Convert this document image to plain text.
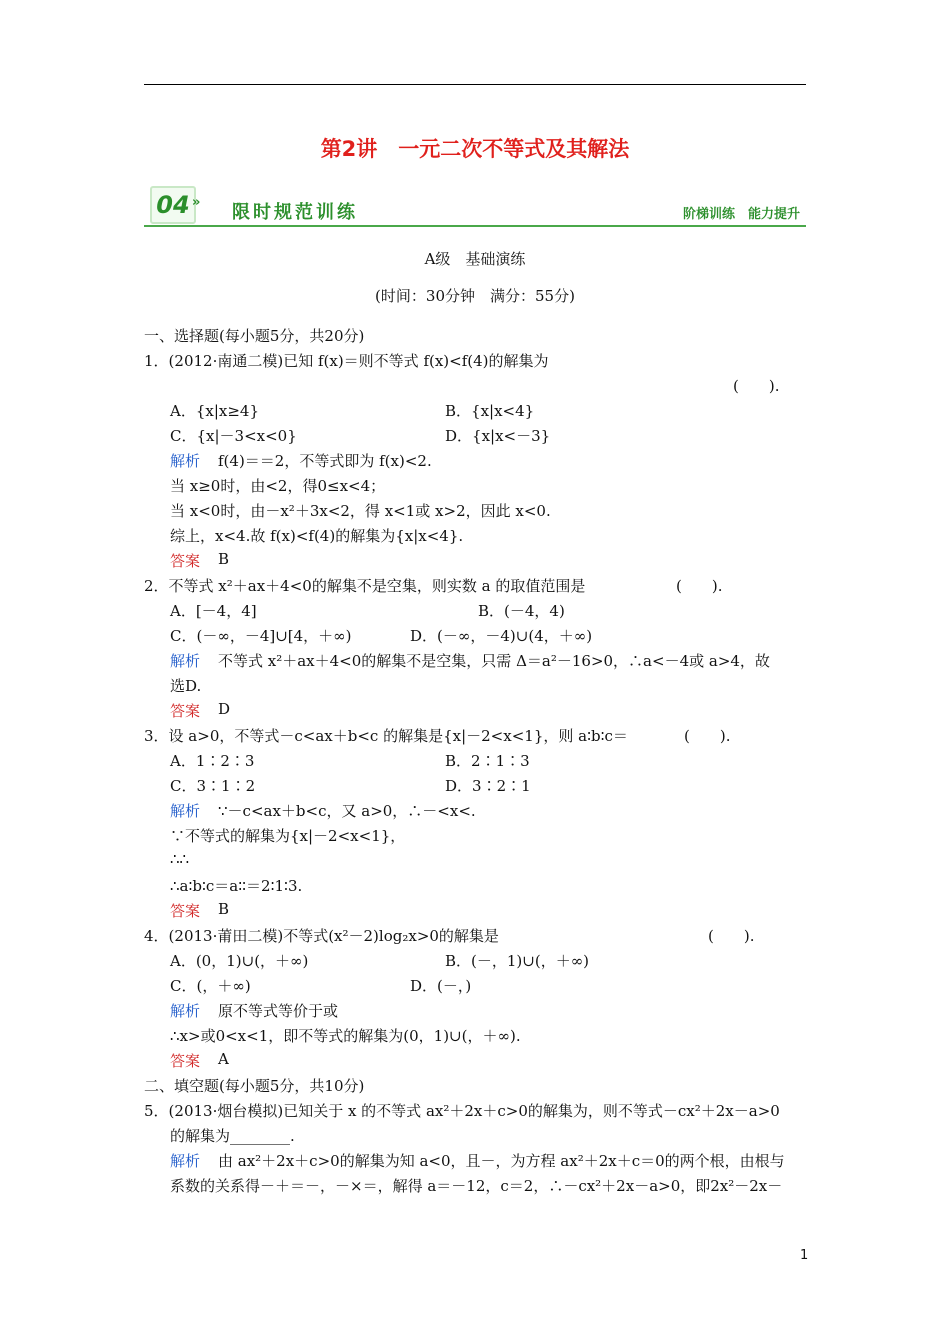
第2讲　一元二次不等式及其解法
04 » 限时规范训练	阶梯训练　能力提升
A级　基础演练
(时间：30分钟　满分：55分)
一、选择题(每小题5分，共20分)
1．(2012·南通二模)已知 f(x)＝则不等式 f(x)<f(4)的解集为
(　　).
A．{x|x≥4}	B．{x|x<4}
C．{x|－3<x<0}	D．{x|x<－3}
解析 f(4)＝＝2，不等式即为 f(x)<2.
当 x≥0时，由<2，得0≤x<4；
当 x<0时，由－x²＋3x<2，得 x<1或 x>2，因此 x<0.
综上，x<4.故 f(x)<f(4)的解集为{x|x<4}.
答案 B
2．不等式 x²＋ax＋4<0的解集不是空集，则实数 a 的取值范围是	(　　).
A．[－4，4]	B．(－4，4)
C．(－∞，－4]∪[4，＋∞)	D．(－∞，－4)∪(4，＋∞)
解析 不等式 x²＋ax＋4<0的解集不是空集，只需 Δ＝a²－16>0，∴a<－4或 a>4，故
选D.
答案 D
3．设 a>0，不等式－c<ax＋b<c 的解集是{x|－2<x<1}，则 a∶b∶c＝	(　　).
A．1∶2∶3	B．2∶1∶3
C．3∶1∶2	D．3∶2∶1
解析 ∵－c<ax＋b<c，又 a>0，∴－<x<.
∵不等式的解集为{x|－2<x<1}，
∴∴
∴a∶b∶c＝a∶∶＝2∶1∶3.
答案 B
4．(2013·莆田二模)不等式(x²－2)log₂x>0的解集是	(　　).
A．(0，1)∪(，＋∞)	B．(－，1)∪(，＋∞)
C．(，＋∞)	D．(－，)
解析 原不等式等价于或
∴x>或0<x<1，即不等式的解集为(0，1)∪(，＋∞).
答案 A
二、填空题(每小题5分，共10分)
5．(2013·烟台模拟)已知关于 x 的不等式 ax²＋2x＋c>0的解集为，则不等式－cx²＋2x－a>0
的解集为________.
解析 由 ax²＋2x＋c>0的解集为知 a<0，且－，为方程 ax²＋2x＋c＝0的两个根，由根与
系数的关系得－＋＝－，－×＝，解得 a＝－12，c＝2，∴－cx²＋2x－a>0，即2x²－2x－
1
